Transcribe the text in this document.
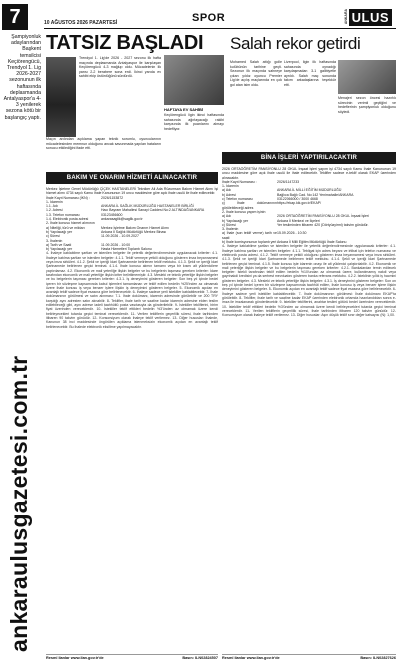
7
Şampiyonluk adaylarından Başkent temsilcisi Keçiörengücü, Trendyol 1. Lig 2026-2027 sezonunun ilk haftasında deplasmanda Antalyaspor'a 4-3 yenilerek sezona kötü bir başlangıç yaptı.
ankaraulusgazetesi.com.tr
10 AĞUSTOS 2026 PAZARTESİ	SPOR	ANKARA ULUS
TATSIZ BAŞLADI
Trendyol 1. Lig'de 2026 - 2027 sezonu ilk hafta maçında deplasmanda Antalyaspor ile karşılaşan Keçiörengücü 4-3 mağlup oldu. Mücadelenin ilk yarısı 2-2 berabere sona erdi. İkinci yarıda ev sahibi ekip üstünlüğünü sürdürdü.
Maçın ardından açıklama yapan teknik sorumlu, oyuncularının mücadelesinden memnun olduğunu ancak savunmada yapılan hataların sonucu etkilediğini ifade etti.
HAFTAYA EV SAHİBİ
Keçiörengücü ligin ikinci haftasında sahasında ağırlayacağı rakibi karşısında ilk puanlarını almayı hedefliyor.
Salah rekor getirdi
Mohamed Salah attığı golle kulübünün tarihine geçti. Sezonun ilk maçında sahneye çıkan yıldız oyuncu Premier Lig'de açılış maçlarında en çok gol atan isim oldu.
Liverpool, ligin ilk haftasında sahasında oynadığı karşılaşmadan 3-1 galibiyetle ayrıldı. Salah maç sonunda takım arkadaşlarına teşekkür etti.
Menajeri sezon öncesi hazırlık sürecinin verimli geçtiğini ve hedeflerinin şampiyonluk olduğunu söyledi.
BAKIM VE ONARIM HİZMETİ ALINACAKTIR
Merkez İşletme Genel Müdürlüğü ÇİÇEK HASTANELERİ Tekniker Ali Ada Rüzumsan Bakım Hizmet Alımı İşi hizmet alımı 4734 sayılı Kamu İhale Kanununun 19 uncu maddesine göre açık ihale usulü ile ihale edilecektir.
İhale Kayıt Numarası (İKN) :	2026/1153872
1- İdarenin
1.1. Adı	ANKARA İL SAĞLIK MÜDÜRLÜĞÜ HASTANELER BİRLİĞİ
1.2. Adresi	Hacı Bayram Mahallesi Sanayi Caddesi No:2 ALTINDAĞ/ANKARA
1.3. Telefon numarası	03123456600
1.4. Elektronik posta adresi	ankarasaglik@saglik.gov.tr
2- İhale konusu hizmet alımının
a) Niteliği, türü ve miktarı	Merkez İşletme Bakım Onarım Hizmet Alımı
b) Yapılacağı yer	Ankara İl Sağlık Müdürlüğü Merkez Binası
c) Süresi	11.09.2026 - 10.09.2027
3- İhalenin
a) Tarih ve Saati	11.09.2026 - 10:00
b) Yapılacağı yer	Hasta Hizmetleri Toplantı Salonu
4- İhaleye katılabilme şartları ve istenilen belgeler ile yeterlik değerlendirmesinde uygulanacak kriterler: 4.1. İhaleye katılma şartları ve istenilen belgeler: 4.1.1. Teklif vermeye yetkili olduğunu gösteren imza beyannamesi veya imza sirküleri. 4.1.2. Şekli ve içeriği İdari Şartnamede belirlenen teklif mektubu. 4.1.3. Şekli ve içeriği İdari Şartnamede belirlenen geçici teminat. 4.1.4. İhale konusu alımın tamamı veya bir kısmı alt yüklenicilere yaptırılamaz. 4.2. Ekonomik ve mali yeterliğe ilişkin belgeler ve bu belgelerin taşıması gereken kriterler: İdare tarafından ekonomik ve mali yeterliğe ilişkin kriter belirtilmemiştir. 4.3. Mesleki ve teknik yeterliğe ilişkin belgeler ve bu belgelerin taşıması gereken kriterler: 4.3.1. İş deneyimini gösteren belgeler: Son beş yıl içinde bedel içeren bir sözleşme kapsamında kabul işlemleri tamamlanan ve teklif edilen bedelin %25'inden az olmamak üzere ihale konusu iş veya benzer işlere ilişkin iş deneyimini gösteren belgeler. 5- Ekonomik açıdan en avantajlı teklif sadece fiyat esasına göre belirlenecektir. 6- İhaleye sadece yerli istekliler katılabilecektir. 7- İhale dokümanının görülmesi ve satın alınması: 7.1. İhale dokümanı, idarenin adresinde görülebilir ve 200 TRY karşılığı aynı adresten satın alınabilir. 8- Teklifler, ihale tarih ve saatine kadar idarenin adresine elden teslim edilebileceği gibi, aynı adrese iadeli taahhütlü posta vasıtasıyla da gönderilebilir. 9- İstekliler tekliflerini, birim fiyat üzerinden vereceklerdir. 10- İstekliler teklif ettikleri bedelin %3'ünden az olmamak üzere kendi belirleyecekleri tutarda geçici teminat vereceklerdir. 11- Verilen tekliflerin geçerlilik süresi, ihale tarihinden itibaren 90 takvim günüdür. 12- Konsorsiyum olarak ihaleye teklif verilemez. 13- Diğer hususlar: İhalede, Kanunun 38 inci maddesinde öngörülen açıklama istenmeksizin ekonomik açıdan en avantajlı teklif belirlenecektir. Bu ihalede elektronik eksiltme yapılmayacaktır.
Resmî ilanlar www.ilan.gov.tr'de	Basın: ILN02824507
BİNA İŞLERİ YAPTIRILACAKTIR
2026 ORTAÖĞRETİM PANSİYONLU 28 OKUL İnşaat İşleri yapım işi 4734 sayılı Kamu İhale Kanununun 19 uncu maddesine göre açık ihale usulü ile ihale edilecektir. Teklifler sadece e-teklif olarak EKAP üzerinden alınacaktır.
İhale Kayıt Numarası :	2026/1147233
1- İdarenin
a) Adı	ANKARA İL MİLLİ EĞİTİM MÜDÜRLÜĞÜ
b) Adresi	Bağlıca Bağlı Cad. No:142 Yenimahalle/ANKARA
c) Telefon numarası	03122066000 / 3000 4668
ç) İhale dokümanının görülebileceği adres
https://ekap.kik.gov.tr/EKAP/
2- İhale konusu yapım işinin
a) Adı	2026 ORTAÖĞRETİM PANSİYONLU 28 OKUL İnşaat İşleri
b) Yapılacağı yer	Ankara İl Merkezi ve İlçeleri
c) Süresi	Yer tesliminden itibaren 420 (Dörtyüzyirmi) takvim günüdür.
3- İhalenin
a) İhale (son teklif verme) tarih ve saati
15.09.2026 - 10:30
b) İhale komisyonunun toplantı yeri Ankara İl Milli Eğitim Müdürlüğü İhale Salonu
4- İhaleye katılabilme şartları ve istenilen belgeler ile yeterlik değerlendirmesinde uygulanacak kriterler: 4.1. İhaleye katılma şartları ve istenilen belgeler: 4.1.1. Tebligat için adres beyanı ve irtibat için telefon numarası ve elektronik posta adresi. 4.1.2. Teklif vermeye yetkili olduğunu gösteren imza beyannamesi veya imza sirküleri. 4.1.3. Şekli ve içeriği İdari Şartnamede belirlenen teklif mektubu. 4.1.4. Şekli ve içeriği İdari Şartnamede belirlenen geçici teminat. 4.1.5. İhale konusu işte idarenin onayı ile alt yüklenici çalıştırılabilir. 4.2. Ekonomik ve mali yeterliğe ilişkin belgeler ve bu belgelerin taşıması gereken kriterler: 4.2.1. Bankalardan temin edilecek belgeler: İstekli tarafından teklif edilen bedelin %10'undan az olmamak üzere, kullanılmamış nakdi veya gayrinakdi kredisini ya da serbest mevduatını gösteren banka referans mektubu. 4.2.2. İsteklinin yıllık iş hacmini gösteren belgeler. 4.3. Mesleki ve teknik yeterliğe ilişkin belgeler: 4.3.1. İş deneyimini gösteren belgeler: Son on beş yıl içinde bedel içeren bir sözleşme kapsamında taahhüt edilen, ihale konusu iş veya benzer işlere ilişkin deneyimini gösteren belgeler. 5- Ekonomik açıdan en avantajlı teklif sadece fiyat esasına göre belirlenecektir. 6- İhaleye sadece yerli istekliler katılabilecektir. 7- İhale dokümanının görülmesi: İhale dokümanı EKAP'ta görülebilir. 8- Teklifler, ihale tarih ve saatine kadar EKAP üzerinden elektronik ortamda hazırlandıktan sonra e-imza ile imzalanarak gönderilecektir. 9- İstekliler tekliflerini, anahtar teslimi götürü bedel üzerinden vereceklerdir. 10- İstekliler teklif ettikleri bedelin %3'ünden az olmamak üzere kendi belirleyecekleri tutarda geçici teminat vereceklerdir. 11- Verilen tekliflerin geçerlilik süresi, ihale tarihinden itibaren 120 takvim günüdür. 12- Konsorsiyum olarak ihaleye teklif verilemez. 13- Diğer hususlar: Aşırı düşük teklif sınır değer katsayısı (N): 1,00.
Resmî ilanlar www.ilan.gov.tr'de	Basın: ILN02827626
